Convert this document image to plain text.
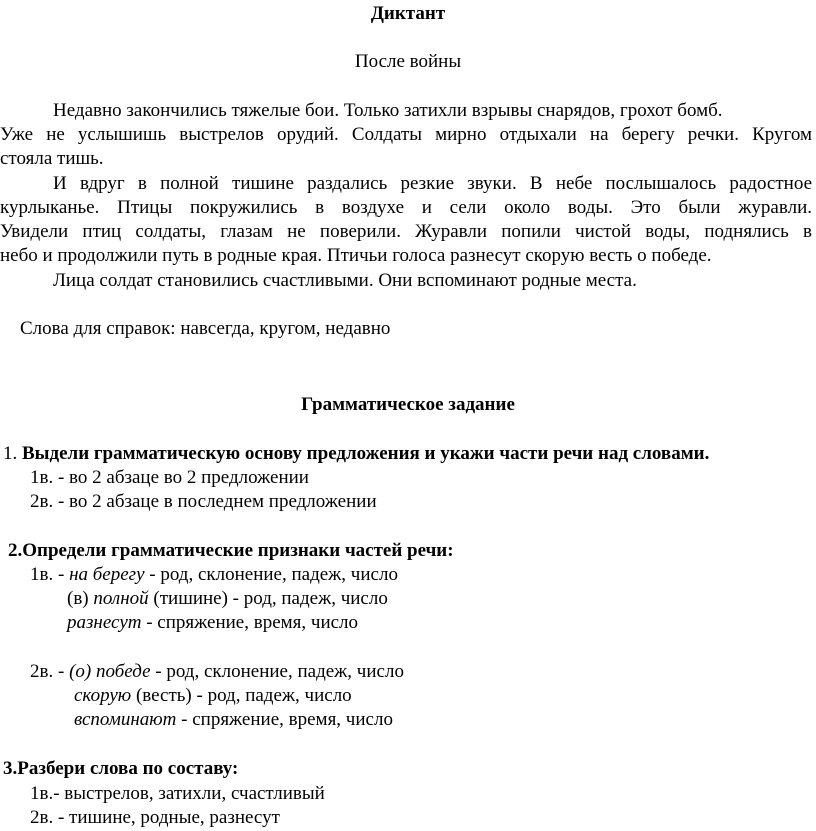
Диктант
После войны
Недавно закончились тяжелые бои. Только затихли взрывы снарядов, грохот бомб.
Уже не услышишь выстрелов орудий. Солдаты мирно отдыхали на берегу речки. Кругом
стояла тишь.
И вдруг в полной тишине раздались резкие звуки. В небе послышалось радостное
курлыканье. Птицы покружились в воздухе и сели около воды. Это были журавли.
Увидели птиц солдаты, глазам не поверили. Журавли попили чистой воды, поднялись в
небо и продолжили путь в родные края. Птичьи голоса разнесут скорую весть о победе.
Лица солдат становились счастливыми. Они вспоминают родные места.
Слова для справок: навсегда, кругом, недавно
Грамматическое задание
1. Выдели грамматическую основу предложения и укажи части речи над словами.
1в. - во 2 абзаце во 2 предложении
2в. - во 2 абзаце в последнем предложении
2.Определи грамматические признаки частей речи:
1в. - на берегу - род, склонение, падеж, число
(в) полной (тишине) - род, падеж, число
разнесут - спряжение, время, число
2в. - (о) победе - род, склонение, падеж, число
скорую (весть) - род, падеж, число
вспоминают - спряжение, время, число
3.Разбери слова по составу:
1в.- выстрелов, затихли, счастливый
2в. - тишине, родные, разнесут
